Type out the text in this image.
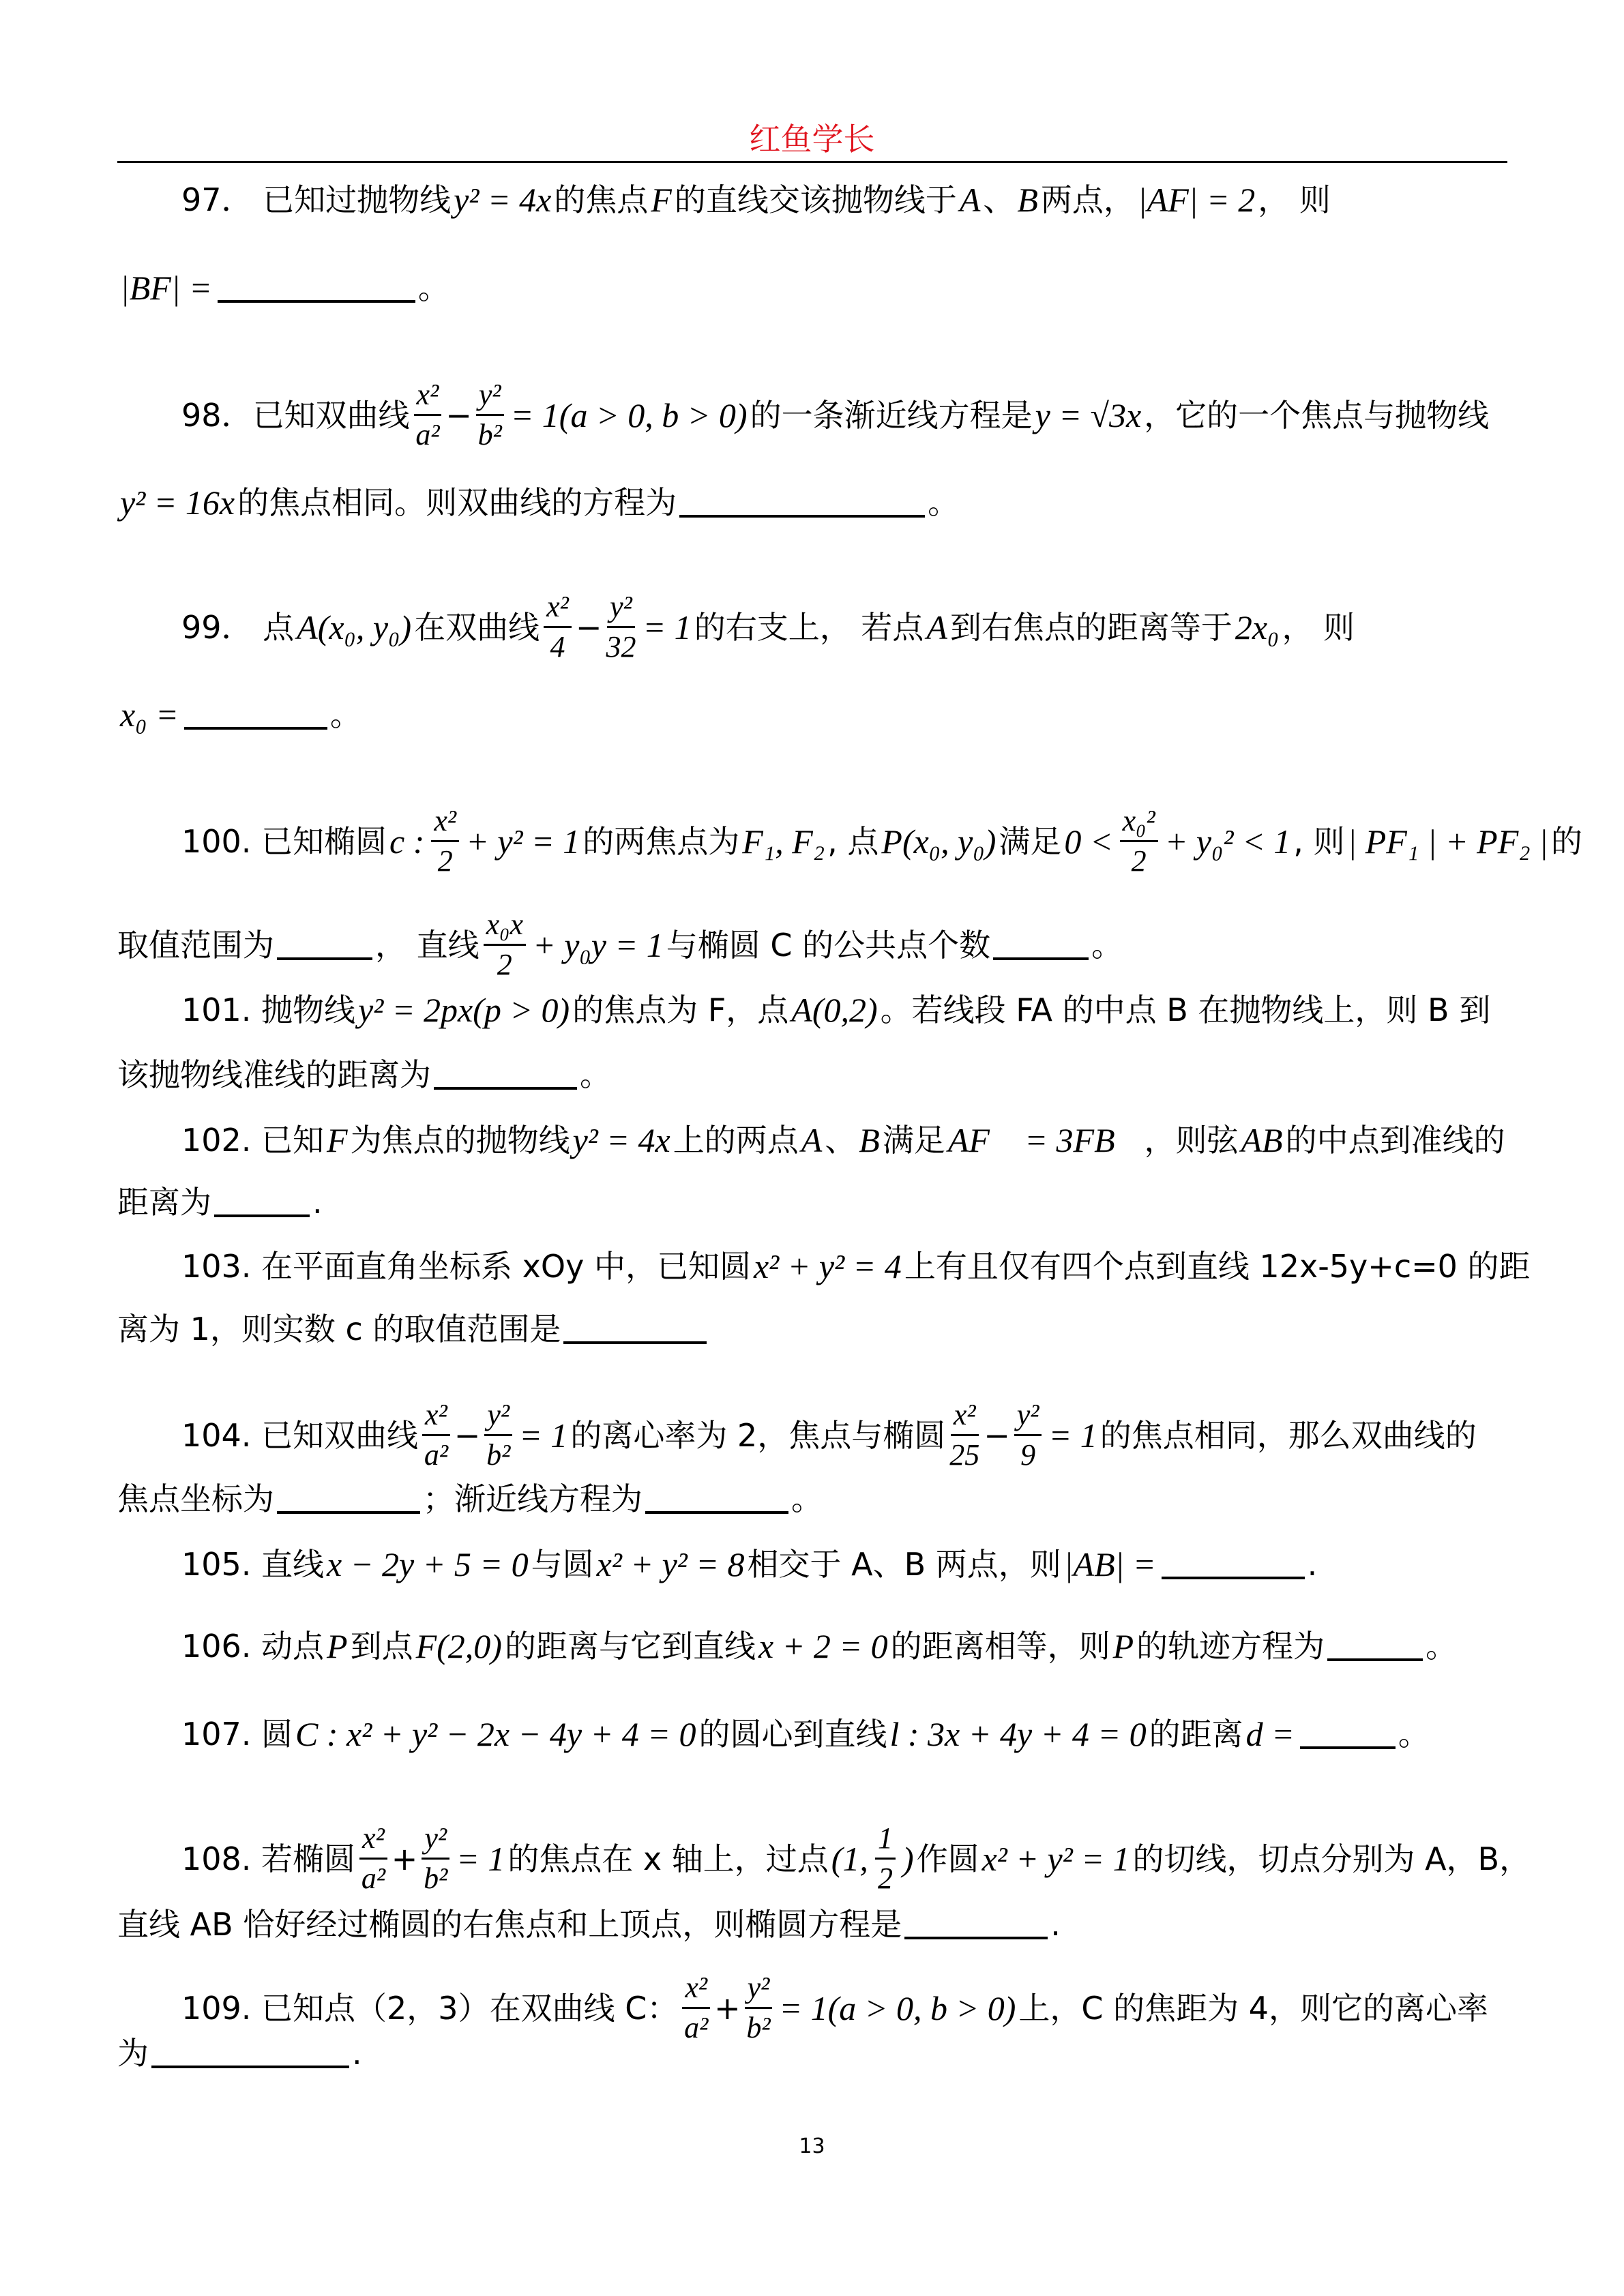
红鱼学长
97． 已知过抛物线 y² = 4x 的焦点 F 的直线交该抛物线于 A 、 B 两点， |AF| = 2 ， 则
|BF| =	。
98．已知双曲线 $\frac{\text{x²}}{\text{a²}} - \frac{\text{y²}}{\text{b²}} = 1(a > 0$, b > 0) 的一条渐近线方程是 y = √3x ，它的一个焦点与抛物线
y² = 16x 的焦点相同。则双曲线的方程为	。
99． 点 A(x₀, y₀) 在双曲线 $\frac{\text{x²}}{4} - \frac{\text{y²}}{32} = 1$ 的右支上， 若点 A 到右焦点的距离等于 2x₀ ， 则
x₀ =	。
100. 已知椭圆 c : $\frac{\text{x²}}{2} + y^2 = 1$ 的两焦点为 F₁, F₂ , 点 P(x₀, y₀) 满足 $0 < \frac{\text{x₀²}}{2} + y_0^2 < 1$ , 则 | PF₁ | + PF₂ | 的
取值范围为	， 直线 $\frac{\text{x₀x}}{2} + y_0y = 1$ 与椭圆 C 的公共点个数	。
101. 抛物线 y² = 2px(p > 0) 的焦点为 F，点 A(0,2) 。若线段 FA 的中点 B 在抛物线上，则 B 到
该抛物线准线的距离为	。
102. 已知 F 为焦点的抛物线 y² = 4x 上的两点 A 、 B 满足 AF⃗ = 3FB⃗ ，则弦 AB 的中点到准线的
距离为	.
103. 在平面直角坐标系 xOy 中，已知圆 x² + y² = 4 上有且仅有四个点到直线 12x-5y+c=0 的距
离为 1，则实数 c 的取值范围是
104. 已知双曲线 $\frac{\text{x²}}{\text{a²}} - \frac{\text{y²}}{\text{b²}} = 1$ 的离心率为 2，焦点与椭圆 $\frac{\text{x²}}{25} - \frac{\text{y²}}{9} = 1$ 的焦点相同，那么双曲线的
焦点坐标为	；渐近线方程为	。
105. 直线 x − 2y + 5 = 0 与圆 x² + y² = 8 相交于 A、B 两点，则 |AB| =	.
106. 动点 P 到点 F(2,0) 的距离与它到直线 x + 2 = 0 的距离相等，则 P 的轨迹方程为	。
107. 圆 C : x² + y² − 2x − 4y + 4 = 0 的圆心到直线 l : 3x + 4y + 4 = 0 的距离 d =	。
108. 若椭圆 $\frac{\text{x²}}{\text{a²}} + \frac{\text{y²}}{\text{b²}} = 1$ 的焦点在 x 轴上，过点 (1, $\frac{1}{2}$ ) 作圆 x² + y² = 1 的切线，切点分别为 A，B，
直线 AB 恰好经过椭圆的右焦点和上顶点，则椭圆方程是	.
109. 已知点（2，3）在双曲线 C： $\frac{\text{x²}}{\text{a²}} + \frac{\text{y²}}{\text{b²}} = 1(a > 0$, b > 0) 上，C 的焦距为 4，则它的离心率
为	.
13
